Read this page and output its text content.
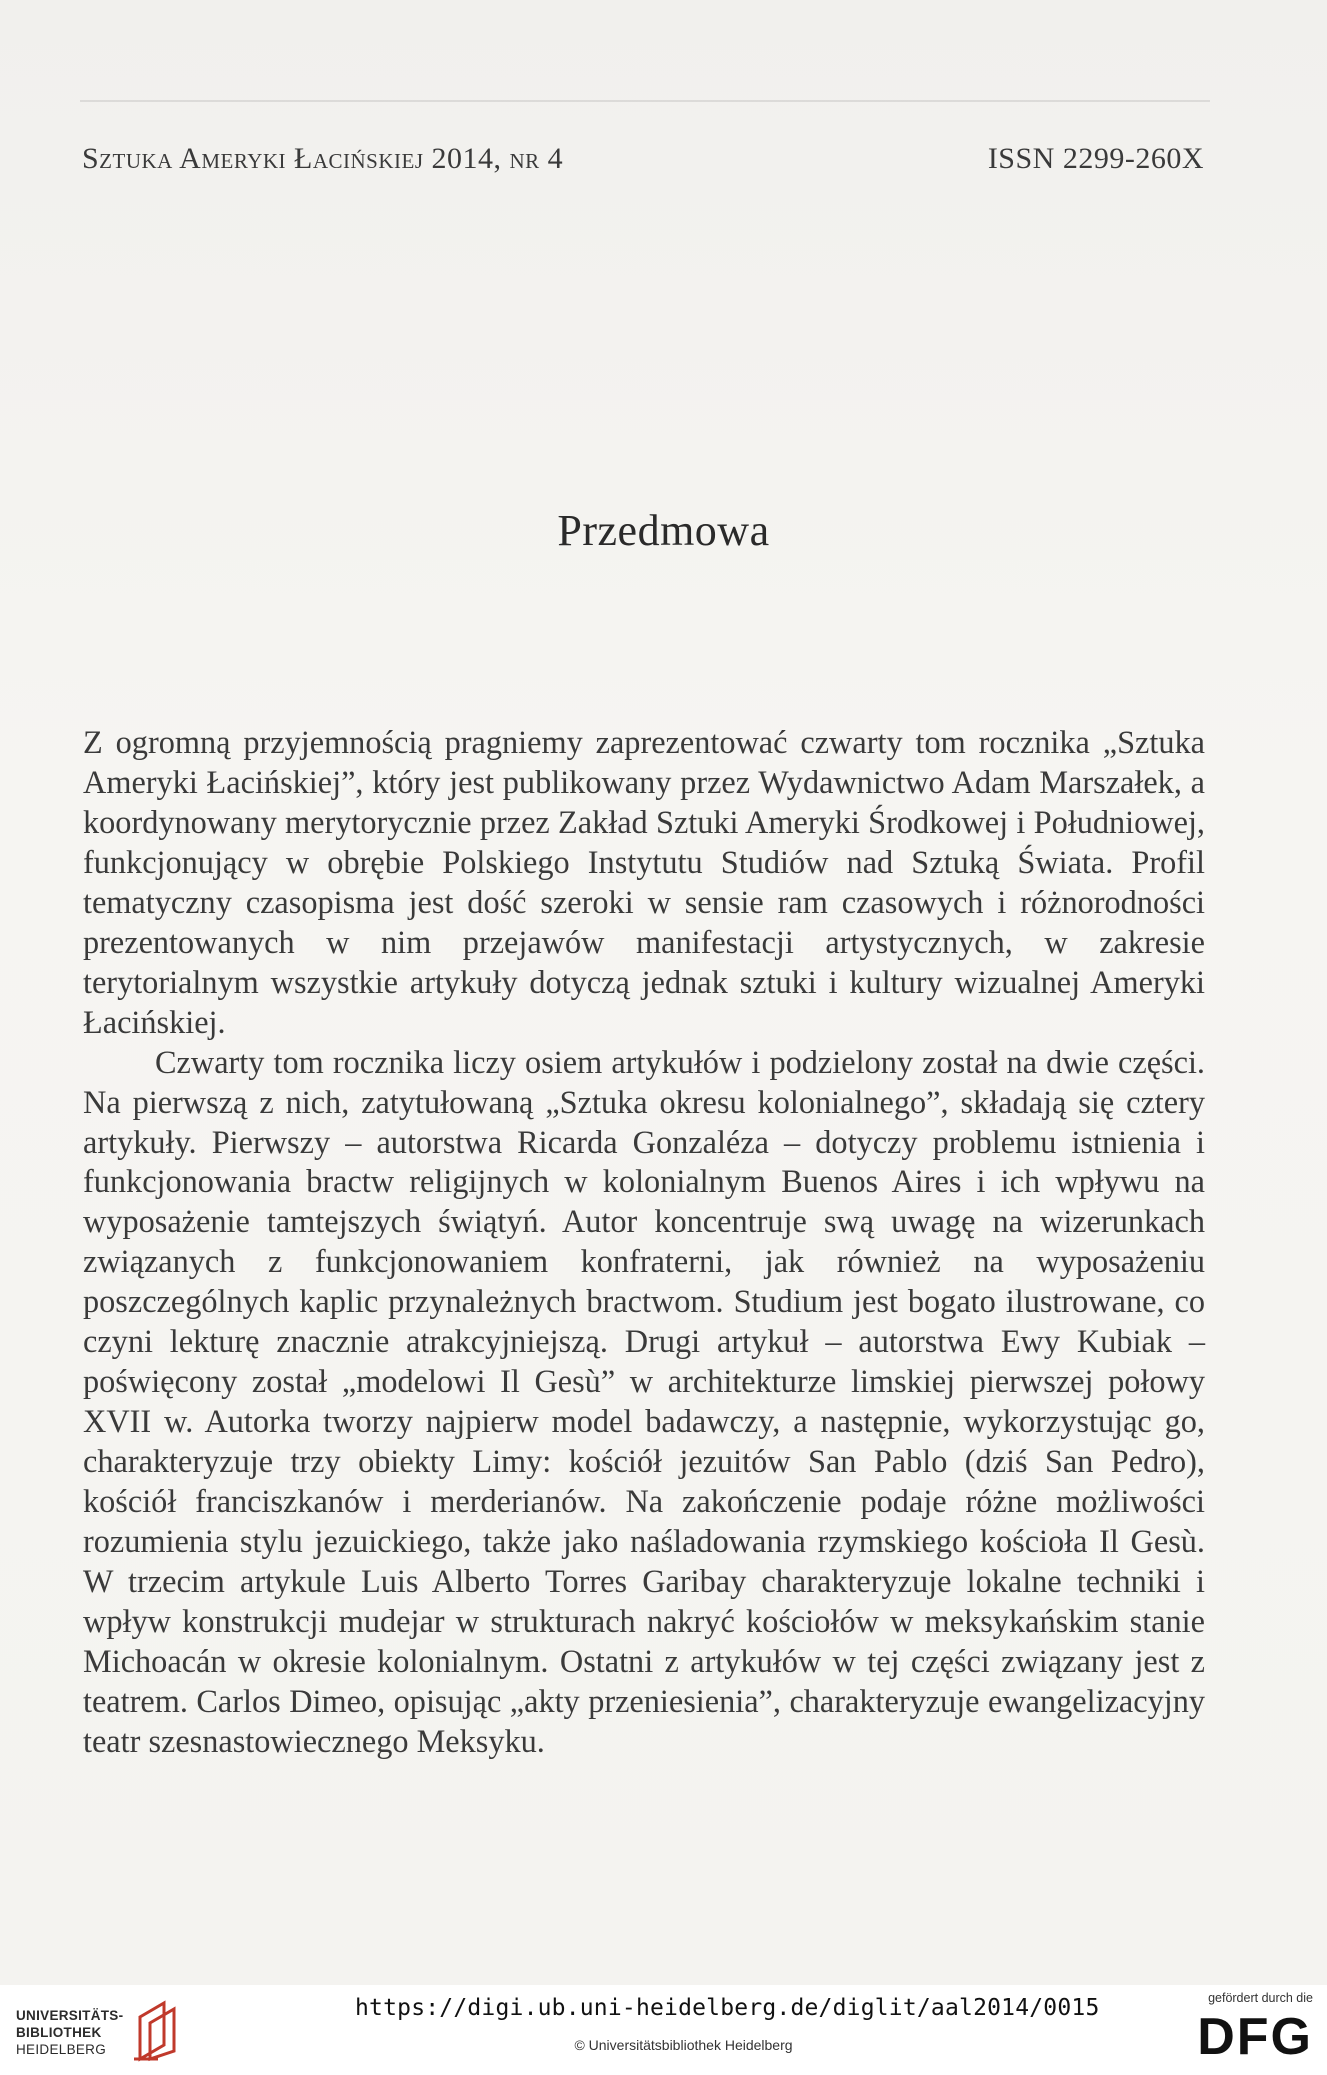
Sztuka Ameryki Łacińskiej 2014, nr 4	ISSN 2299-260X
Przedmowa

Z ogromną przyjemnością pragniemy zaprezentować czwarty tom rocznika „Sztuka Ameryki Łacińskiej”, który jest publikowany przez Wydawnictwo Adam Marszałek, a koordynowany merytorycznie przez Zakład Sztuki Ameryki Środkowej i Południowej, funkcjonujący w obrębie Polskiego Instytutu Studiów nad Sztuką Świata. Profil tematyczny czasopisma jest dość szeroki w sensie ram czasowych i różnorodności prezentowanych w nim przejawów manifestacji artystycznych, w zakresie terytorialnym wszystkie artykuły dotyczą jednak sztuki i kultury wizualnej Ameryki Łacińskiej.

Czwarty tom rocznika liczy osiem artykułów i podzielony został na dwie części. Na pierwszą z nich, zatytułowaną „Sztuka okresu kolonialnego”, składają się cztery artykuły. Pierwszy – autorstwa Ricarda Gonzaléza – dotyczy problemu istnienia i funkcjonowania bractw religijnych w kolonialnym Buenos Aires i ich wpływu na wyposażenie tamtejszych świątyń. Autor koncentruje swą uwagę na wizerunkach związanych z funkcjonowaniem konfraterni, jak również na wyposażeniu poszczególnych kaplic przynależnych bractwom. Studium jest bogato ilustrowane, co czyni lekturę znacznie atrakcyjniejszą. Drugi artykuł – autorstwa Ewy Kubiak – poświęcony został „modelowi Il Gesù” w architekturze limskiej pierwszej połowy XVII w. Autorka tworzy najpierw model badawczy, a następnie, wykorzystując go, charakteryzuje trzy obiekty Limy: kościół jezuitów San Pablo (dziś San Pedro), kościół franciszkanów i merderianów. Na zakończenie podaje różne możliwości rozumienia stylu jezuickiego, także jako naśladowania rzymskiego kościoła Il Gesù. W trzecim artykule Luis Alberto Torres Garibay charakteryzuje lokalne techniki i wpływ konstrukcji mudejar w strukturach nakryć kościołów w meksykańskim stanie Michoacán w okresie kolonialnym. Ostatni z artykułów w tej części związany jest z teatrem. Carlos Dimeo, opisując „akty przeniesienia”, charakteryzuje ewangelizacyjny teatr szesnastowiecznego Meksyku.

UNIVERSITÄTS-
BIBLIOTHEK
HEIDELBERG
https://digi.ub.uni-heidelberg.de/diglit/aal2014/0015
© Universitätsbibliothek Heidelberg
gefördert durch die
DFG
